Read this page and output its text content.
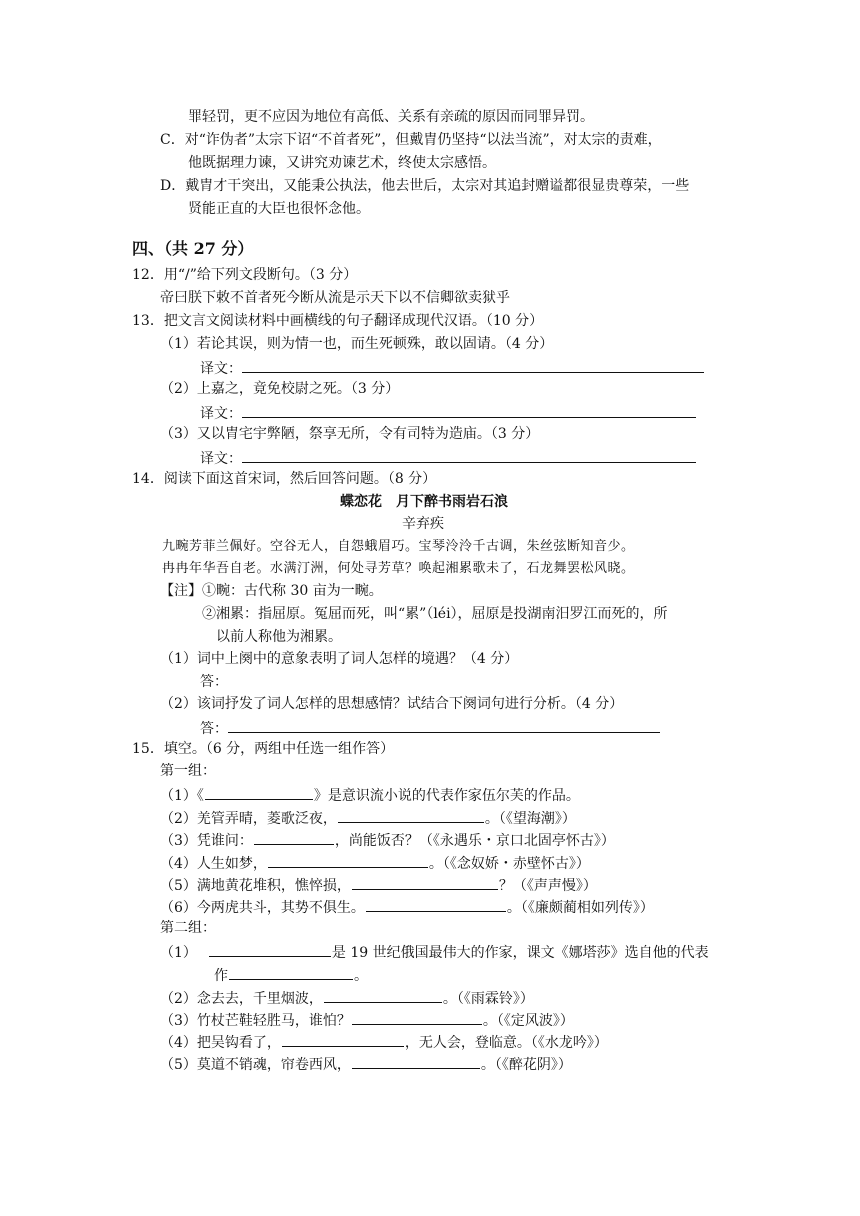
罪轻罚，更不应因为地位有高低、关系有亲疏的原因而同罪异罚。
C．对“诈伪者”太宗下诏“不首者死”，但戴胄仍坚持“以法当流”，对太宗的责难，
他既据理力谏，又讲究劝谏艺术，终使太宗感悟。
D．戴胄才干突出，又能秉公执法，他去世后，太宗对其追封赠谥都很显贵尊荣，一些
贤能正直的大臣也很怀念他。
四、（共 27 分）
12．用“/”给下列文段断句。（3 分）
帝曰朕下敕不首者死今断从流是示天下以不信卿欲卖狱乎
13．把文言文阅读材料中画横线的句子翻译成现代汉语。（10 分）
（1）若论其误，则为情一也，而生死顿殊，敢以固请。（4 分）
译文：
（2）上嘉之，竟免校尉之死。（3 分）
译文：
（3）又以胄宅宇弊陋，祭享无所，令有司特为造庙。（3 分）
译文：
14．阅读下面这首宋词，然后回答问题。（8 分）
蝶恋花　月下醉书雨岩石浪
辛弃疾
九畹芳菲兰佩好。空谷无人，自怨蛾眉巧。宝琴泠泠千古调，朱丝弦断知音少。
冉冉年华吾自老。水满汀洲，何处寻芳草？唤起湘累歌未了，石龙舞罢松风晓。
【注】①畹：古代称 30 亩为一畹。
②湘累：指屈原。冤屈而死，叫“累”（léi），屈原是投湖南汨罗江而死的，所
以前人称他为湘累。
（1）词中上阕中的意象表明了词人怎样的境遇？（4 分）
答：
（2）该词抒发了词人怎样的思想感情？试结合下阕词句进行分析。（4 分）
答：
15．填空。（6 分，两组中任选一组作答）
第一组：
（1）《	》是意识流小说的代表作家伍尔芙的作品。
（2）羌管弄晴，菱歌泛夜，	。（《望海潮》）
（3）凭谁问：	，尚能饭否？（《永遇乐・京口北固亭怀古》）
（4）人生如梦，	。（《念奴娇・赤壁怀古》）
（5）满地黄花堆积，憔悴损，	？（《声声慢》）
（6）今两虎共斗，其势不俱生。	。（《廉颇蔺相如列传》）
第二组：
（1）	是 19 世纪俄国最伟大的作家，课文《娜塔莎》选自他的代表
作	。
（2）念去去，千里烟波，	。（《雨霖铃》）
（3）竹杖芒鞋轻胜马，谁怕？	。（《定风波》）
（4）把吴钩看了，	，无人会，登临意。（《水龙吟》）
（5）莫道不销魂，帘卷西风，	。（《醉花阴》）
